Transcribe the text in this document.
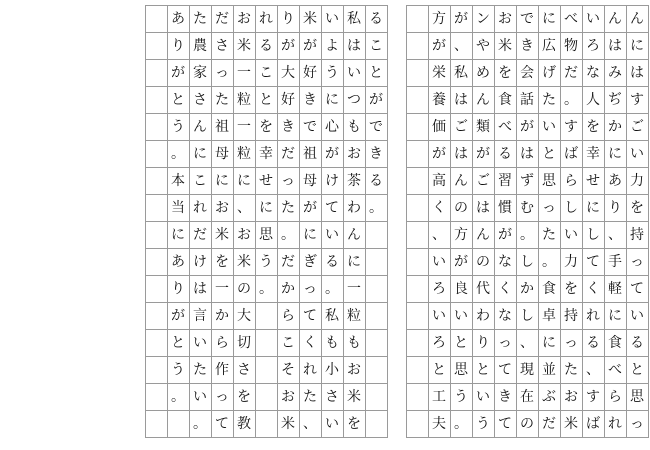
ん
に
は
す
ご
い
力
を
持
っ
て
い
る
と
思
っ
ん
は
み
ぢ
か
に
あ
り
、
手
軽
に
食
べ
ら
れ
い
ろ
な
人
を
幸
せ
に
し
て
く
れ
る
、
す
ば
べ
物
だ
。
す
ば
ら
し
い
力
を
持
っ
た
お
米
に
広
げ
た
い
と
思
っ
た
。
食
卓
に
並
ぶ
だ
で
き
会
話
が
は
ず
む
。
し
か
し
、
現
在
の
お
米
を
食
べ
る
習
慣
が
な
く
な
っ
て
き
て
ン
や
め
ん
類
が
ご
は
ん
の
代
わ
り
と
い
う
が
、
私
は
ご
は
ん
の
方
が
良
い
と
思
う
。
方
が
栄
養
価
が
高
く
、
い
ろ
い
ろ
と
工
夫
る
こ
と
が
で
き
る
。
私
は
い
つ
も
お
茶
わ
ん
に
一
粒
も
お
米
を
い
よ
う
に
心
が
け
て
い
る
。
私
も
小
さ
い
米
が
好
き
で
祖
母
が
に
ぎ
っ
て
く
れ
た
、
り
が
大
好
き
だ
っ
た
。
だ
か
ら
こ
そ
お
米
れ
る
こ
と
を
幸
せ
に
思
う
。
お
米
一
粒
一
粒
に
、
お
米
の
大
切
さ
を
教
だ
さ
っ
た
祖
母
に
お
米
を
一
か
ら
作
っ
て
た
農
家
さ
ん
に
こ
れ
だ
け
は
言
い
た
い
。
あ
り
が
と
う
。
本
当
に
あ
り
が
と
う
。
